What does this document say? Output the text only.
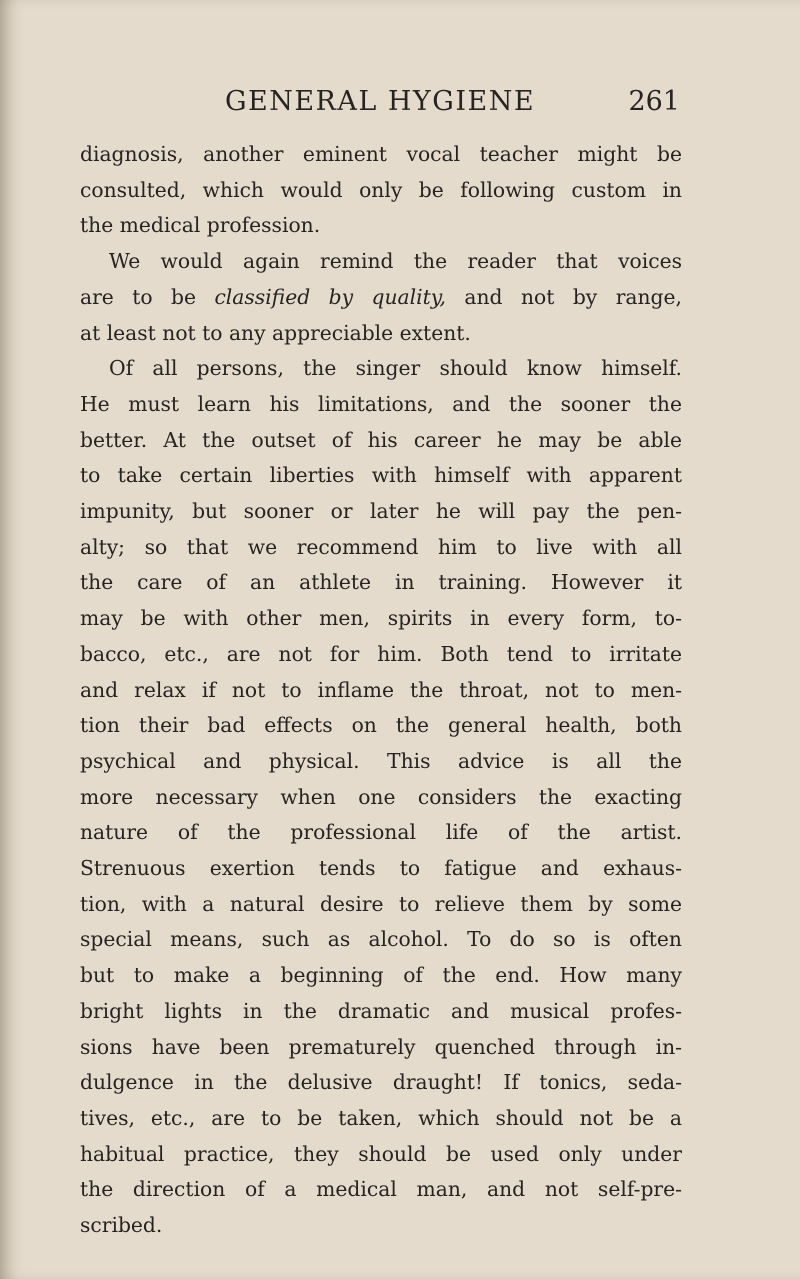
GENERAL HYGIENE	261
diagnosis, another eminent vocal teacher might be
consulted, which would only be following custom in
the medical profession.
We would again remind the reader that voices
are to be classified by quality, and not by range,
at least not to any appreciable extent.
Of all persons, the singer should know himself.
He must learn his limitations, and the sooner the
better. At the outset of his career he may be able
to take certain liberties with himself with apparent
impunity, but sooner or later he will pay the pen-
alty; so that we recommend him to live with all
the care of an athlete in training. However it
may be with other men, spirits in every form, to-
bacco, etc., are not for him. Both tend to irritate
and relax if not to inflame the throat, not to men-
tion their bad effects on the general health, both
psychical and physical. This advice is all the
more necessary when one considers the exacting
nature of the professional life of the artist.
Strenuous exertion tends to fatigue and exhaus-
tion, with a natural desire to relieve them by some
special means, such as alcohol. To do so is often
but to make a beginning of the end. How many
bright lights in the dramatic and musical profes-
sions have been prematurely quenched through in-
dulgence in the delusive draught! If tonics, seda-
tives, etc., are to be taken, which should not be a
habitual practice, they should be used only under
the direction of a medical man, and not self-pre-
scribed.
